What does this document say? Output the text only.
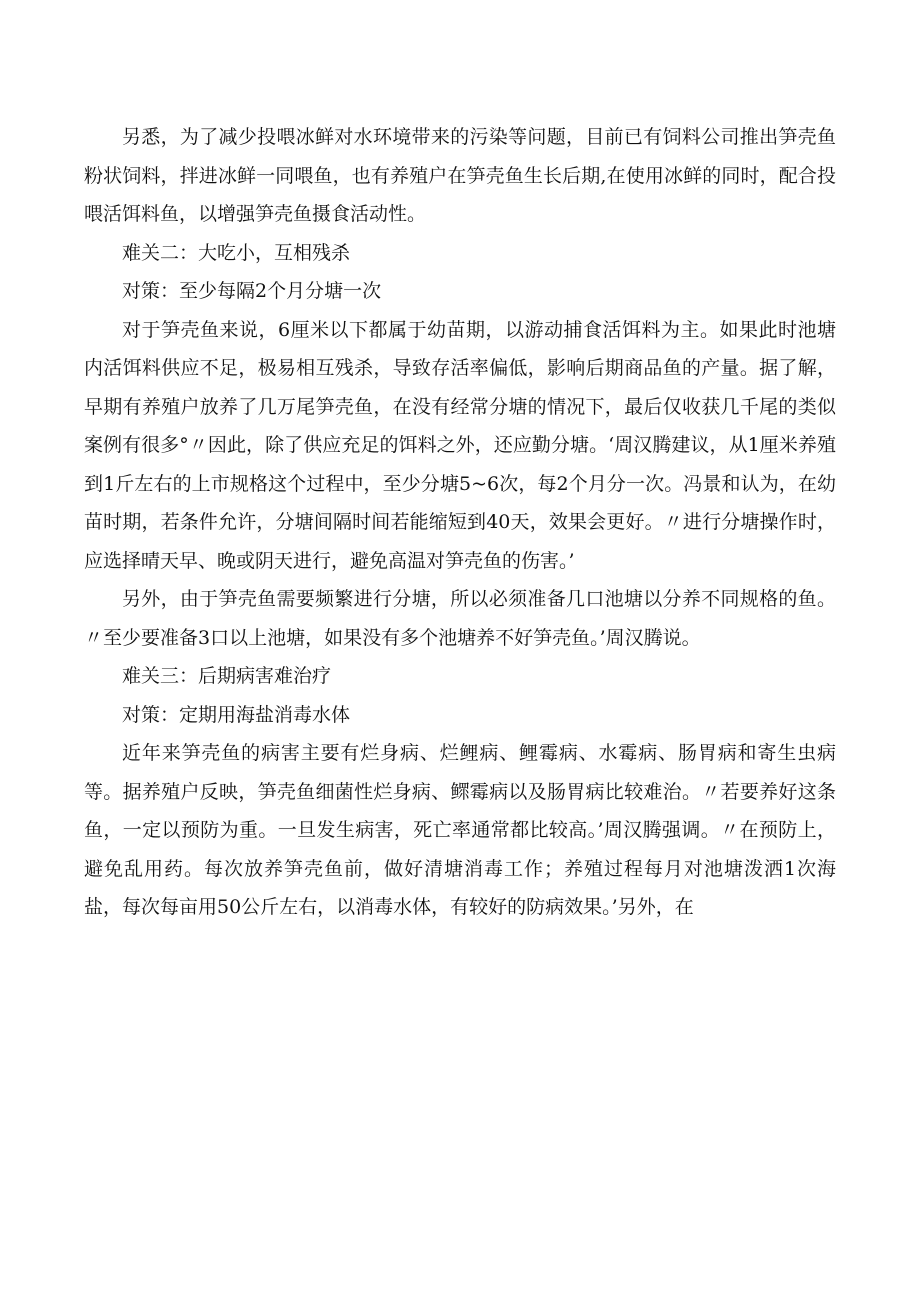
另悉，为了减少投喂冰鲜对水环境带来的污染等问题，目前已有饲料公司推出笋壳鱼粉状饲料，拌进冰鲜一同喂鱼，也有养殖户在笋壳鱼生长后期,在使用冰鲜的同时，配合投喂活饵料鱼，以增强笋壳鱼摄食活动性。

难关二：大吃小，互相残杀

对策：至少每隔2个月分塘一次

对于笋壳鱼来说，6厘米以下都属于幼苗期，以游动捕食活饵料为主。如果此时池塘内活饵料供应不足，极易相互残杀，导致存活率偏低，影响后期商品鱼的产量。据了解，早期有养殖户放养了几万尾笋壳鱼，在没有经常分塘的情况下，最后仅收获几千尾的类似案例有很多°〃因此，除了供应充足的饵料之外，还应勤分塘。‘周汉腾建议，从1厘米养殖到1斤左右的上市规格这个过程中，至少分塘5~6次，每2个月分一次。冯景和认为，在幼苗时期，若条件允许，分塘间隔时间若能缩短到40天，效果会更好。〃进行分塘操作时，应选择晴天早、晚或阴天进行，避免高温对笋壳鱼的伤害。’

另外，由于笋壳鱼需要频繁进行分塘，所以必须准备几口池塘以分养不同规格的鱼。〃至少要准备3口以上池塘，如果没有多个池塘养不好笋壳鱼。’周汉腾说。

难关三：后期病害难治疗

对策：定期用海盐消毒水体

近年来笋壳鱼的病害主要有烂身病、烂鲤病、鲤霉病、水霉病、肠胃病和寄生虫病等。据养殖户反映，笋壳鱼细菌性烂身病、鳏霉病以及肠胃病比较难治。〃若要养好这条鱼，一定以预防为重。一旦发生病害，死亡率通常都比较高。’周汉腾强调。〃在预防上，避免乱用药。每次放养笋壳鱼前，做好清塘消毒工作；养殖过程每月对池塘泼洒1次海盐，每次每亩用50公斤左右，以消毒水体，有较好的防病效果。’另外，在
